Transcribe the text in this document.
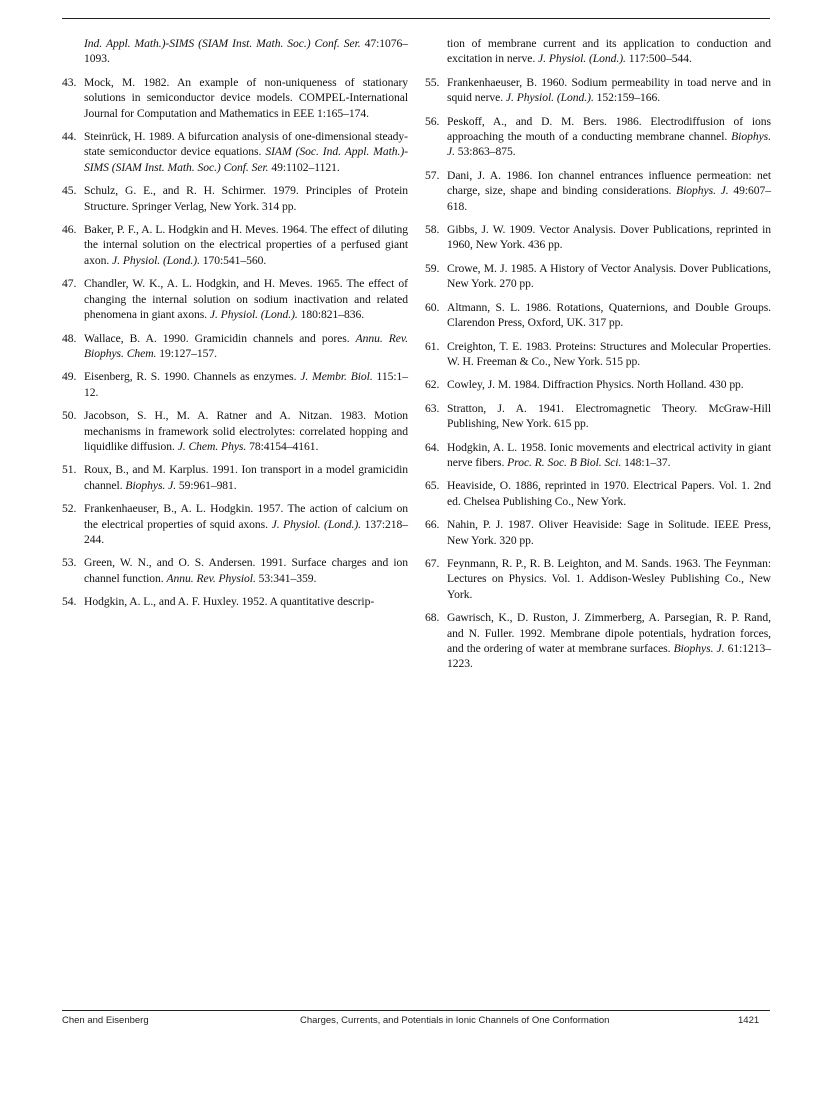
Ind. Appl. Math.)-SIMS (SIAM Inst. Math. Soc.) Conf. Ser. 47:1076–1093.
43. Mock, M. 1982. An example of non-uniqueness of stationary solutions in semiconductor device models. COMPEL-International Journal for Computation and Mathematics in EEE 1:165–174.
44. Steinrück, H. 1989. A bifurcation analysis of one-dimensional steady-state semiconductor device equations. SIAM (Soc. Ind. Appl. Math.)-SIMS (SIAM Inst. Math. Soc.) Conf. Ser. 49:1102–1121.
45. Schulz, G. E., and R. H. Schirmer. 1979. Principles of Protein Structure. Springer Verlag, New York. 314 pp.
46. Baker, P. F., A. L. Hodgkin and H. Meves. 1964. The effect of diluting the internal solution on the electrical properties of a perfused giant axon. J. Physiol. (Lond.). 170:541–560.
47. Chandler, W. K., A. L. Hodgkin, and H. Meves. 1965. The effect of changing the internal solution on sodium inactivation and related phenomena in giant axons. J. Physiol. (Lond.). 180:821–836.
48. Wallace, B. A. 1990. Gramicidin channels and pores. Annu. Rev. Biophys. Chem. 19:127–157.
49. Eisenberg, R. S. 1990. Channels as enzymes. J. Membr. Biol. 115:1–12.
50. Jacobson, S. H., M. A. Ratner and A. Nitzan. 1983. Motion mechanisms in framework solid electrolytes: correlated hopping and liquidlike diffusion. J. Chem. Phys. 78:4154–4161.
51. Roux, B., and M. Karplus. 1991. Ion transport in a model gramicidin channel. Biophys. J. 59:961–981.
52. Frankenhaeuser, B., A. L. Hodgkin. 1957. The action of calcium on the electrical properties of squid axons. J. Physiol. (Lond.). 137:218–244.
53. Green, W. N., and O. S. Andersen. 1991. Surface charges and ion channel function. Annu. Rev. Physiol. 53:341–359.
54. Hodgkin, A. L., and A. F. Huxley. 1952. A quantitative descrip-
tion of membrane current and its application to conduction and excitation in nerve. J. Physiol. (Lond.). 117:500–544.
55. Frankenhaeuser, B. 1960. Sodium permeability in toad nerve and in squid nerve. J. Physiol. (Lond.). 152:159–166.
56. Peskoff, A., and D. M. Bers. 1986. Electrodiffusion of ions approaching the mouth of a conducting membrane channel. Biophys. J. 53:863–875.
57. Dani, J. A. 1986. Ion channel entrances influence permeation: net charge, size, shape and binding considerations. Biophys. J. 49:607–618.
58. Gibbs, J. W. 1909. Vector Analysis. Dover Publications, reprinted in 1960, New York. 436 pp.
59. Crowe, M. J. 1985. A History of Vector Analysis. Dover Publications, New York. 270 pp.
60. Altmann, S. L. 1986. Rotations, Quaternions, and Double Groups. Clarendon Press, Oxford, UK. 317 pp.
61. Creighton, T. E. 1983. Proteins: Structures and Molecular Properties. W. H. Freeman & Co., New York. 515 pp.
62. Cowley, J. M. 1984. Diffraction Physics. North Holland. 430 pp.
63. Stratton, J. A. 1941. Electromagnetic Theory. McGraw-Hill Publishing, New York. 615 pp.
64. Hodgkin, A. L. 1958. Ionic movements and electrical activity in giant nerve fibers. Proc. R. Soc. B Biol. Sci. 148:1–37.
65. Heaviside, O. 1886, reprinted in 1970. Electrical Papers. Vol. 1. 2nd ed. Chelsea Publishing Co., New York.
66. Nahin, P. J. 1987. Oliver Heaviside: Sage in Solitude. IEEE Press, New York. 320 pp.
67. Feynmann, R. P., R. B. Leighton, and M. Sands. 1963. The Feynman: Lectures on Physics. Vol. 1. Addison-Wesley Publishing Co., New York.
68. Gawrisch, K., D. Ruston, J. Zimmerberg, A. Parsegian, R. P. Rand, and N. Fuller. 1992. Membrane dipole potentials, hydration forces, and the ordering of water at membrane surfaces. Biophys. J. 61:1213–1223.
Chen and Eisenberg	Charges, Currents, and Potentials in Ionic Channels of One Conformation	1421
